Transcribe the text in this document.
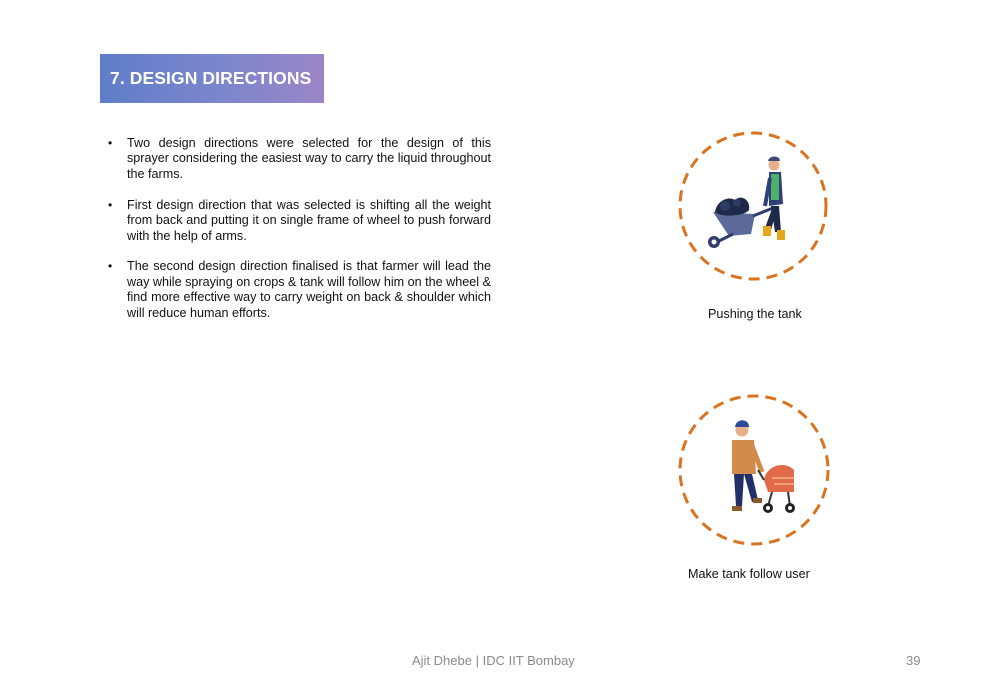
7. DESIGN DIRECTIONS
• Two design directions were selected for the design of this sprayer considering the easiest way to carry the liquid throughout the farms.
• First design direction that was selected is shifting all the weight from back and putting it on single frame of wheel to push forward with the help of arms.
• The second design direction finalised is that farmer will lead the way while spraying on crops & tank will follow him on the wheel & find more effective way to carry weight on back & shoulder which will reduce human efforts.	Pushing the tank
Make tank follow user
Ajit Dhebe | IDC IIT Bombay	39
